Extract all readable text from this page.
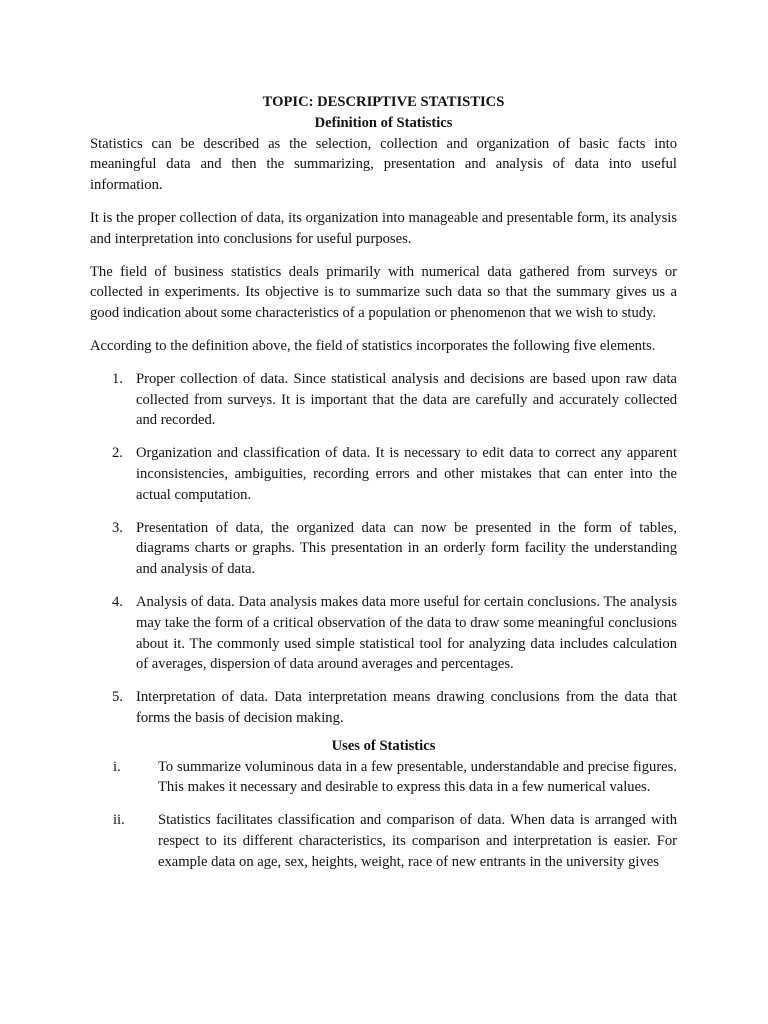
TOPIC: DESCRIPTIVE STATISTICS

Definition of Statistics

Statistics can be described as the selection, collection and organization of basic facts into meaningful data and then the summarizing, presentation and analysis of data into useful information.

It is the proper collection of data, its organization into manageable and presentable form, its analysis and interpretation into conclusions for useful purposes.

The field of business statistics deals primarily with numerical data gathered from surveys or collected in experiments. Its objective is to summarize such data so that the summary gives us a good indication about some characteristics of a population or phenomenon that we wish to study.

According to the definition above, the field of statistics incorporates the following five elements.

1. Proper collection of data. Since statistical analysis and decisions are based upon raw data collected from surveys. It is important that the data are carefully and accurately collected and recorded.
2. Organization and classification of data. It is necessary to edit data to correct any apparent inconsistencies, ambiguities, recording errors and other mistakes that can enter into the actual computation.
3. Presentation of data, the organized data can now be presented in the form of tables, diagrams charts or graphs. This presentation in an orderly form facility the understanding and analysis of data.
4. Analysis of data. Data analysis makes data more useful for certain conclusions. The analysis may take the form of a critical observation of the data to draw some meaningful conclusions about it. The commonly used simple statistical tool for analyzing data includes calculation of averages, dispersion of data around averages and percentages.
5. Interpretation of data. Data interpretation means drawing conclusions from the data that forms the basis of decision making.

Uses of Statistics

i.	To summarize voluminous data in a few presentable, understandable and precise figures. This makes it necessary and desirable to express this data in a few numerical values.
ii. Statistics facilitates classification and comparison of data. When data is arranged with respect to its different characteristics, its comparison and interpretation is easier. For example data on age, sex, heights, weight, race of new entrants in the university gives
